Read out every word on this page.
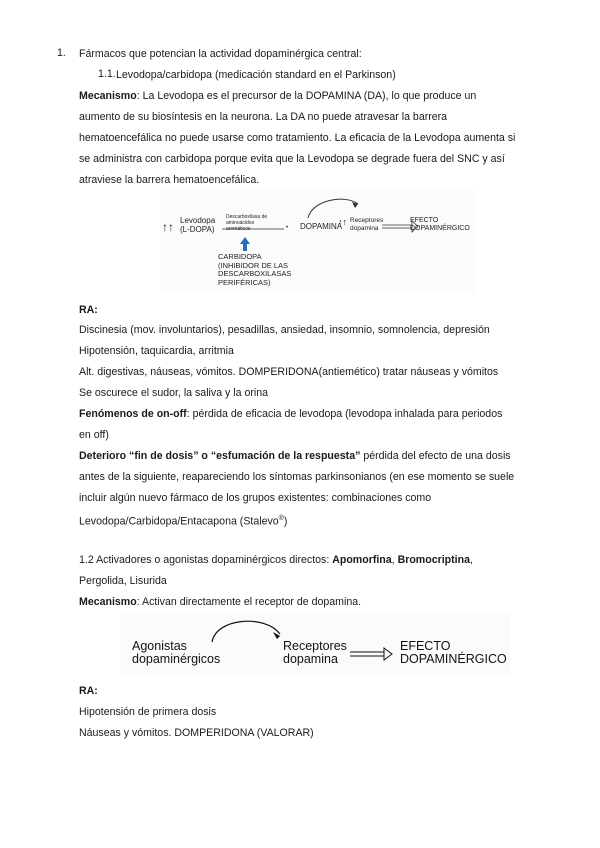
1. Fármacos que potencian la actividad dopaminérgica central:
1.1. Levodopa/carbidopa (medicación standard en el Parkinson)
Mecanismo: La Levodopa es el precursor de la DOPAMINA (DA), lo que produce un
aumento de su biosíntesis en la neurona. La DA no puede atravesar la barrera
hematoencefálica no puede usarse como tratamiento. La eficacia de la Levodopa aumenta si
se administra con carbidopa porque evita que la Levodopa se degrade fuera del SNC y así
atraviese la barrera hematoencefálica.
↑↑ Levodopa
(L-DOPA)
Descarboxilasa de
aminoácidos
aromáticos	• DOPAMINA
↑↑ Receptores
dopamina
EFECTO
DOPAMINÉRGICO
CARBIDOPA
(INHIBIDOR DE LAS
DESCARBOXILASAS
PERIFÉRICAS)
RA:
Discinesia (mov. involuntarios), pesadillas, ansiedad, insomnio, somnolencia, depresión
Hipotensión, taquicardia, arritmia
Alt. digestivas, náuseas, vómitos. DOMPERIDONA(antiemético) tratar náuseas y vómitos
Se oscurece el sudor, la saliva y la orina
Fenómenos de on-off: pérdida de eficacia de levodopa (levodopa inhalada para periodos
en off)
Deterioro “fin de dosis” o “esfumación de la respuesta” pérdida del efecto de una dosis
antes de la siguiente, reapareciendo los síntomas parkinsonianos (en ese momento se suele
incluir algún nuevo fármaco de los grupos existentes: combinaciones como
Levodopa/Carbidopa/Entacapona (Stalevo®)
1.2 Activadores o agonistas dopaminérgicos directos: Apomorfina, Bromocriptina,
Pergolida, Lisurida
Mecanismo: Activan directamente el receptor de dopamina.
Agonistas
dopaminérgicos
Receptores
dopamina
EFECTO
DOPAMINÉRGICO
RA:
Hipotensión de primera dosis
Náuseas y vómitos. DOMPERIDONA (VALORAR)
